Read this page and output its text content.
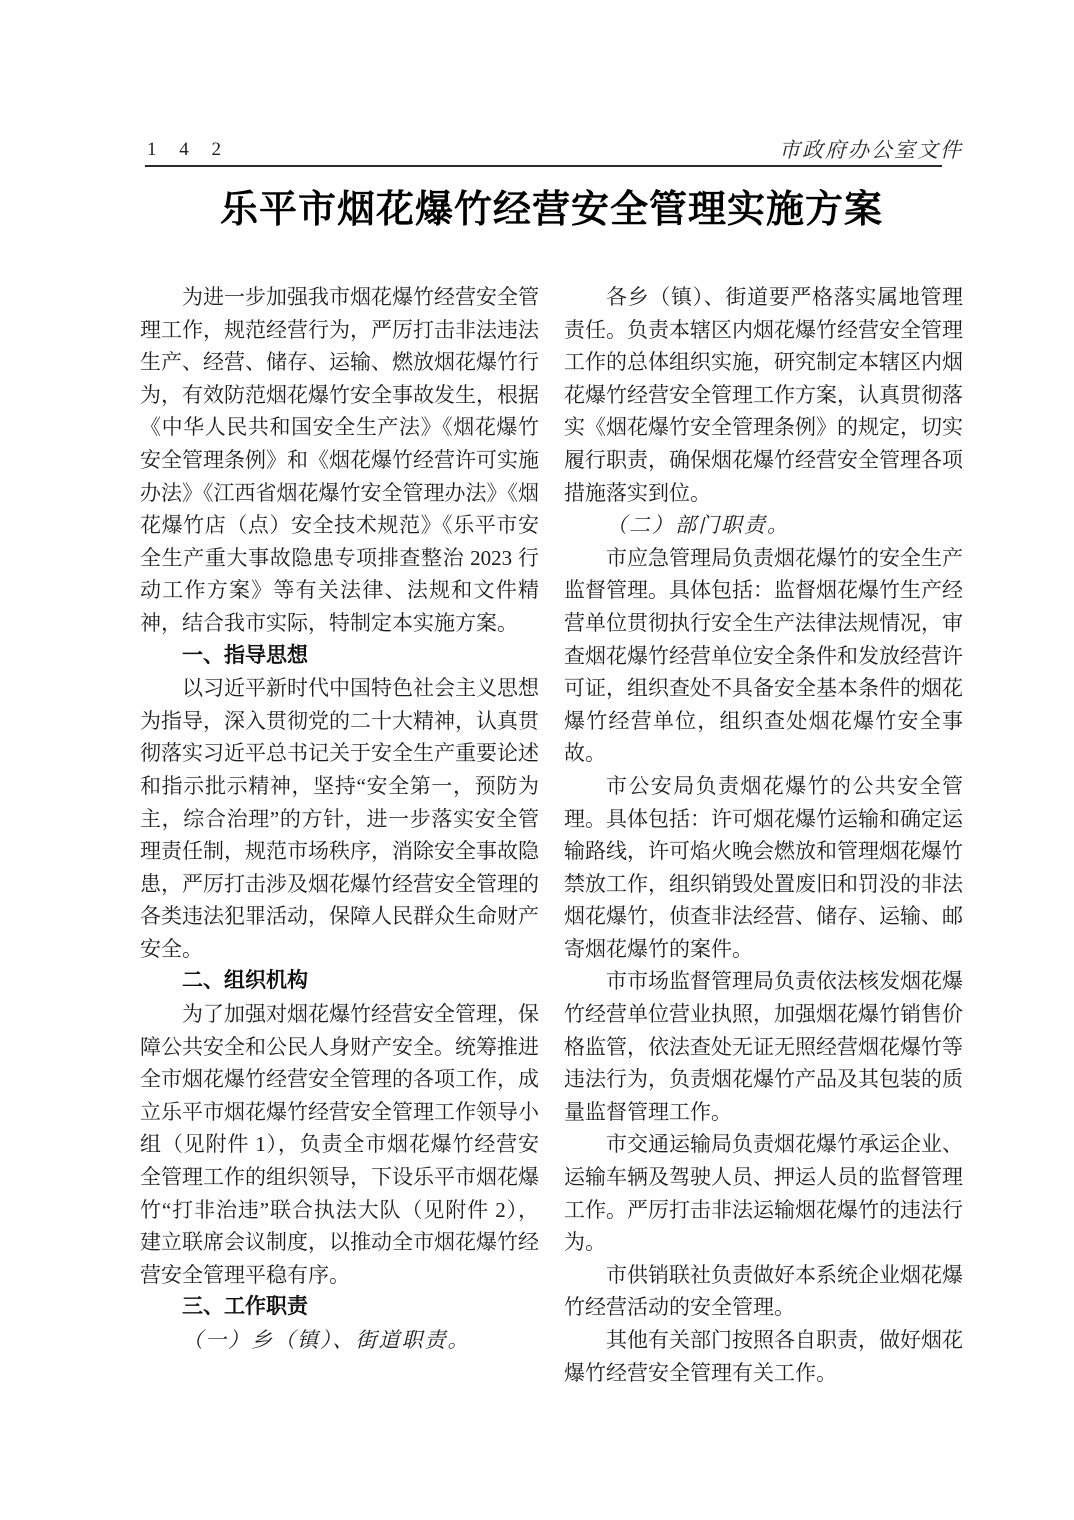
1 4 2	市政府办公室文件
乐平市烟花爆竹经营安全管理实施方案

为进一步加强我市烟花爆竹经营安全管理工作，规范经营行为，严厉打击非法违法生产、经营、储存、运输、燃放烟花爆竹行为，有效防范烟花爆竹安全事故发生，根据《中华人民共和国安全生产法》《烟花爆竹安全管理条例》和《烟花爆竹经营许可实施办法》《江西省烟花爆竹安全管理办法》《烟花爆竹店（点）安全技术规范》《乐平市安全生产重大事故隐患专项排查整治 2023 行动工作方案》等有关法律、法规和文件精神，结合我市实际，特制定本实施方案。

一、指导思想

以习近平新时代中国特色社会主义思想为指导，深入贯彻党的二十大精神，认真贯彻落实习近平总书记关于安全生产重要论述和指示批示精神，坚持“安全第一，预防为主，综合治理”的方针，进一步落实安全管理责任制，规范市场秩序，消除安全事故隐患，严厉打击涉及烟花爆竹经营安全管理的各类违法犯罪活动，保障人民群众生命财产安全。

二、组织机构

为了加强对烟花爆竹经营安全管理，保障公共安全和公民人身财产安全。统筹推进全市烟花爆竹经营安全管理的各项工作，成立乐平市烟花爆竹经营安全管理工作领导小组（见附件 1），负责全市烟花爆竹经营安全管理工作的组织领导，下设乐平市烟花爆竹“打非治违”联合执法大队（见附件 2），建立联席会议制度，以推动全市烟花爆竹经营安全管理平稳有序。

三、工作职责

（一）乡（镇）、街道职责。

各乡（镇）、街道要严格落实属地管理责任。负责本辖区内烟花爆竹经营安全管理工作的总体组织实施，研究制定本辖区内烟花爆竹经营安全管理工作方案，认真贯彻落实《烟花爆竹安全管理条例》的规定，切实履行职责，确保烟花爆竹经营安全管理各项措施落实到位。

（二）部门职责。

市应急管理局负责烟花爆竹的安全生产监督管理。具体包括：监督烟花爆竹生产经营单位贯彻执行安全生产法律法规情况，审查烟花爆竹经营单位安全条件和发放经营许可证，组织查处不具备安全基本条件的烟花爆竹经营单位，组织查处烟花爆竹安全事故。

市公安局负责烟花爆竹的公共安全管理。具体包括：许可烟花爆竹运输和确定运输路线，许可焰火晚会燃放和管理烟花爆竹禁放工作，组织销毁处置废旧和罚没的非法烟花爆竹，侦查非法经营、储存、运输、邮寄烟花爆竹的案件。

市市场监督管理局负责依法核发烟花爆竹经营单位营业执照，加强烟花爆竹销售价格监管，依法查处无证无照经营烟花爆竹等违法行为，负责烟花爆竹产品及其包装的质量监督管理工作。

市交通运输局负责烟花爆竹承运企业、运输车辆及驾驶人员、押运人员的监督管理工作。严厉打击非法运输烟花爆竹的违法行为。

市供销联社负责做好本系统企业烟花爆竹经营活动的安全管理。

其他有关部门按照各自职责，做好烟花爆竹经营安全管理有关工作。
